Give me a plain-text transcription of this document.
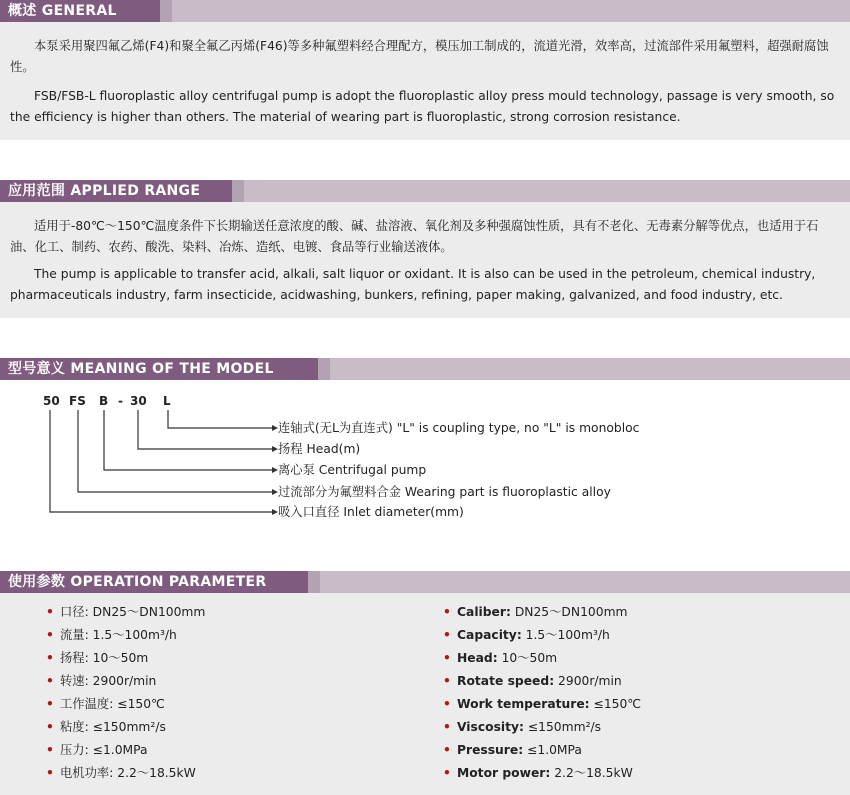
概述 GENERAL

本泵采用聚四氟乙烯(F4)和聚全氟乙丙烯(F46)等多种氟塑料经合理配方，模压加工制成的，流道光滑，效率高，过流部件采用氟塑料，超强耐腐蚀性。

FSB/FSB-L fluoroplastic alloy centrifugal pump is adopt the fluoroplastic alloy press mould technology, passage is very smooth, so the efficiency is higher than others. The material of wearing part is fluoroplastic, strong corrosion resistance.

应用范围 APPLIED RANGE

适用于-80℃～150℃温度条件下长期输送任意浓度的酸、碱、盐溶液、氧化剂及多种强腐蚀性质，具有不老化、无毒素分解等优点，也适用于石油、化工、制药、农药、酸洗、染料、冶炼、造纸、电镀、食品等行业输送液体。

The pump is applicable to transfer acid, alkali, salt liquor or oxidant. It is also can be used in the petroleum, chemical industry, pharmaceuticals industry, farm insecticide, acidwashing, bunkers, refining, paper making, galvanized, and food industry, etc.

型号意义 MEANING OF THE MODEL
50 FS B - 30 L
连轴式(无L为直连式) "L" is coupling type, no "L" is monobloc
扬程 Head(m)
离心泵 Centrifugal pump
过流部分为氟塑料合金 Wearing part is fluoroplastic alloy
吸入口直径 Inlet diameter(mm)
使用参数 OPERATION PARAMETER
• 口径: DN25～DN100mm
• 流量: 1.5～100m³/h
• 扬程: 10～50m
• 转速: 2900r/min
• 工作温度: ≤150℃
• 粘度: ≤150mm²/s
• 压力: ≤1.0MPa
• 电机功率: 2.2～18.5kW
• Caliber: DN25～DN100mm
• Capacity: 1.5～100m³/h
• Head: 10～50m
• Rotate speed: 2900r/min
• Work temperature: ≤150℃
• Viscosity: ≤150mm²/s
• Pressure: ≤1.0MPa
• Motor power: 2.2～18.5kW
